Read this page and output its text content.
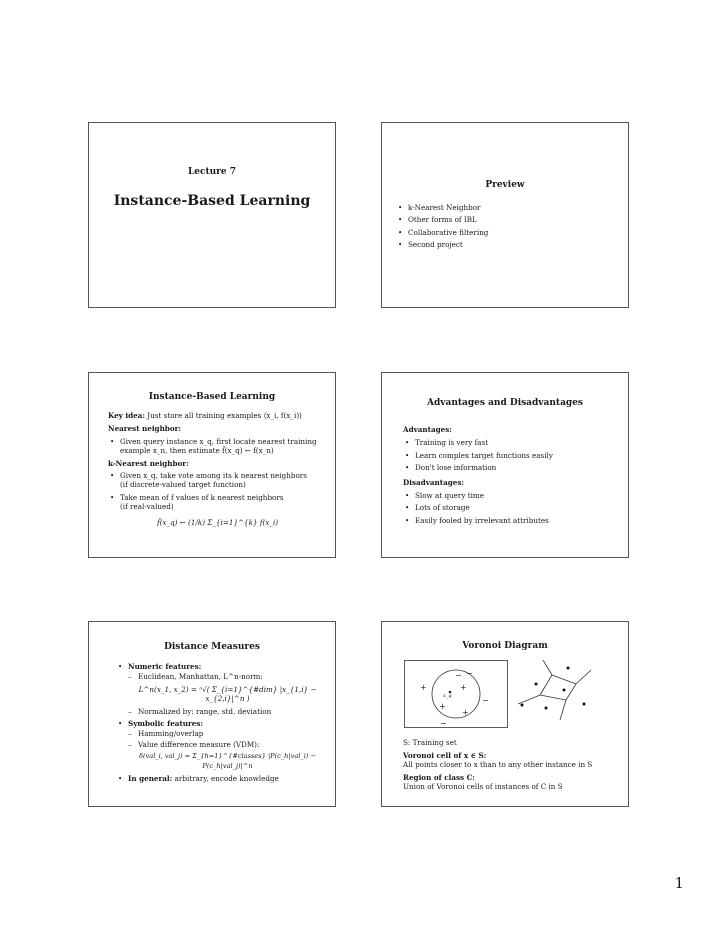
Lecture 7
Instance-Based Learning
Preview
• k-Nearest Neighbor
• Other forms of IBL
• Collaborative filtering
• Second project
Instance-Based Learning
Key idea: Just store all training examples ⟨x_i, f(x_i)⟩
Nearest neighbor:
• Given query instance x_q, first locate nearest training
example x_n, then estimate f̂(x_q) ← f(x_n)
k-Nearest neighbor:
• Given x_q, take vote among its k nearest neighbors
(if discrete-valued target function)
• Take mean of f values of k nearest neighbors
(if real-valued)
f̂(x_q) ← (1/k) Σ_{i=1}^{k} f(x_i)
Advantages and Disadvantages
Advantages:
• Training is very fast
• Learn complex target functions easily
• Don't lose information
Disadvantages:
• Slow at query time
• Lots of storage
• Easily fooled by irrelevant attributes
Distance Measures
• Numeric features:
– Euclidean, Manhattan, L^n-norm:
L^n(x_1, x_2) = ⁿ√( Σ_{i=1}^{#dim} |x_{1,i} − x_{2,i}|^n )
– Normalized by: range, std. deviation
• Symbolic features:
– Hamming/overlap
– Value difference measure (VDM):
δ(val_i, val_j) = Σ_{h=1}^{#classes} |P(c_h|val_i) − P(c_h|val_j)|^n
• In general: arbitrary, encode knowledge
Voronoi Diagram
+
− −
+
+
−
+
−
x_q
S: Training set
Voronoi cell of x ∈ S:
All points closer to x than to any other instance in S
Region of class C:
Union of Voronoi cells of instances of C in S
1
